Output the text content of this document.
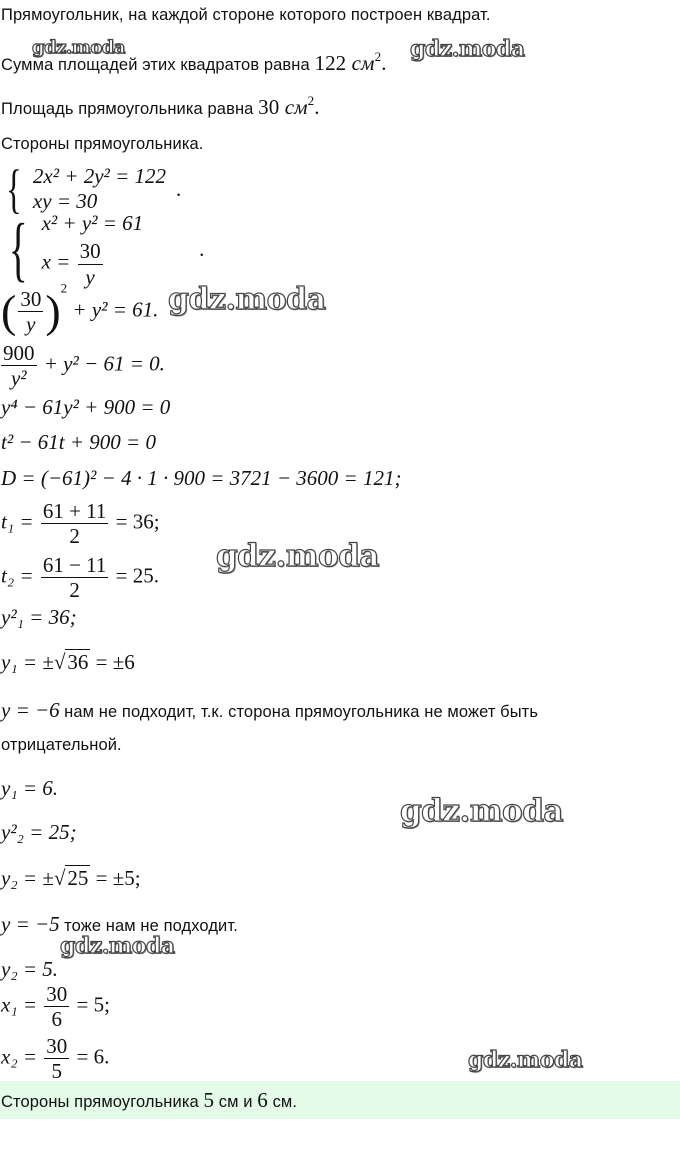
Прямоугольник, на каждой стороне которого построен квадрат.
Сумма площадей этих квадратов равна 122 $см^2$.
Площадь прямоугольника равна 30 $см^2$.
Стороны прямоугольника.
{ 2x² + 2y² = 122
xy = 30
.
{ x² + y² = 61
$x = \frac{30}{y}$	.
( $\frac{30}{y} )^2 + y^2 = 61$.
$\frac{900}{\text{y²}} + y^2 - 61 = 0$.
y⁴ − 61y² + 900 = 0
t² − 61t + 900 = 0
D = (−61)² − 4 · 1 · 900 = 3721 − 3600 = 121;
$t_1 = \frac{61 + 11}{2} = 36$;
$t_2 = \frac{61 - 11}{2} = 25$.
y²₁ = 36;
y₁ = ±√36 = ±6
y = −6 нам не подходит, т.к. сторона прямоугольника не может быть
отрицательной.
y₁ = 6.
y²₂ = 25;
y₂ = ±√25 = ±5;
y = −5 тоже нам не подходит.
y₂ = 5.
$x_1 = \frac{30}{6} = 5$;
$x_2 = \frac{30}{5} = 6$.
Стороны прямоугольника 5 см и 6 см.
gdz.moda	gdz.moda
gdz.moda
gdz.moda
gdz.moda
gdz.moda
gdz.moda
